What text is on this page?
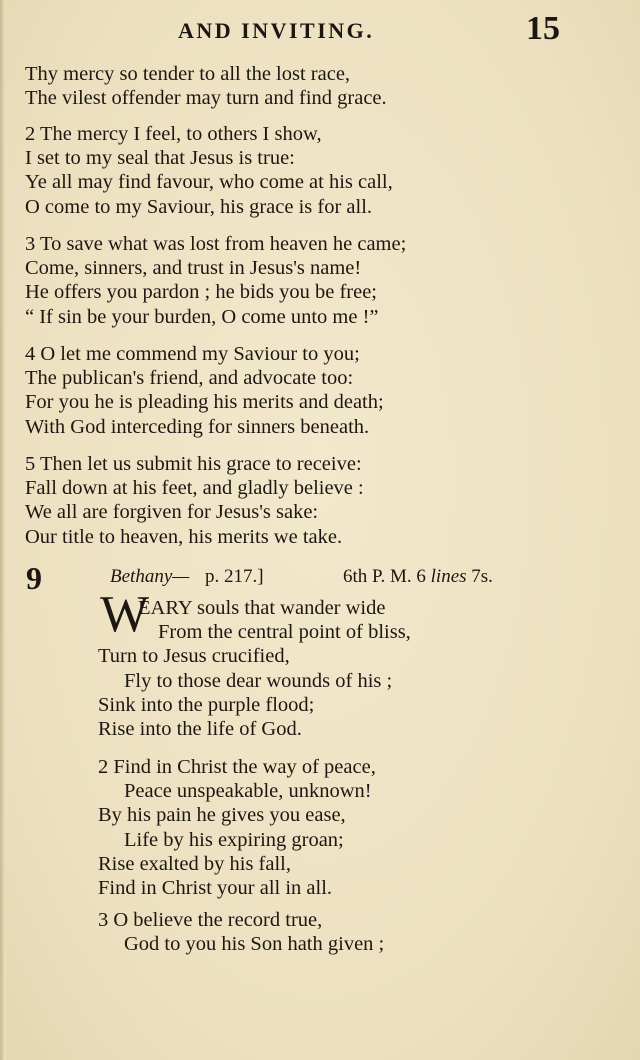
AND INVITING.	15
Thy mercy so tender to all the lost race,
The vilest offender may turn and find grace.
2 The mercy I feel, to others I show,
I set to my seal that Jesus is true:
Ye all may find favour, who come at his call,
O come to my Saviour, his grace is for all.
3 To save what was lost from heaven he came;
Come, sinners, and trust in Jesus's name!
He offers you pardon ; he bids you be free;
“ If sin be your burden, O come unto me !”
4 O let me commend my Saviour to you;
The publican's friend, and advocate too:
For you he is pleading his merits and death;
With God interceding for sinners beneath.
5 Then let us submit his grace to receive:
Fall down at his feet, and gladly believe :
We all are forgiven for Jesus's sake:
Our title to heaven, his merits we take.
9	Bethany— p. 217.]	6th P. M. 6 lines 7s.
W
EARY souls that wander wide
From the central point of bliss,
Turn to Jesus crucified,
Fly to those dear wounds of his ;
Sink into the purple flood;
Rise into the life of God.
2 Find in Christ the way of peace,
Peace unspeakable, unknown!
By his pain he gives you ease,
Life by his expiring groan;
Rise exalted by his fall,
Find in Christ your all in all.
3 O believe the record true,
God to you his Son hath given ;
